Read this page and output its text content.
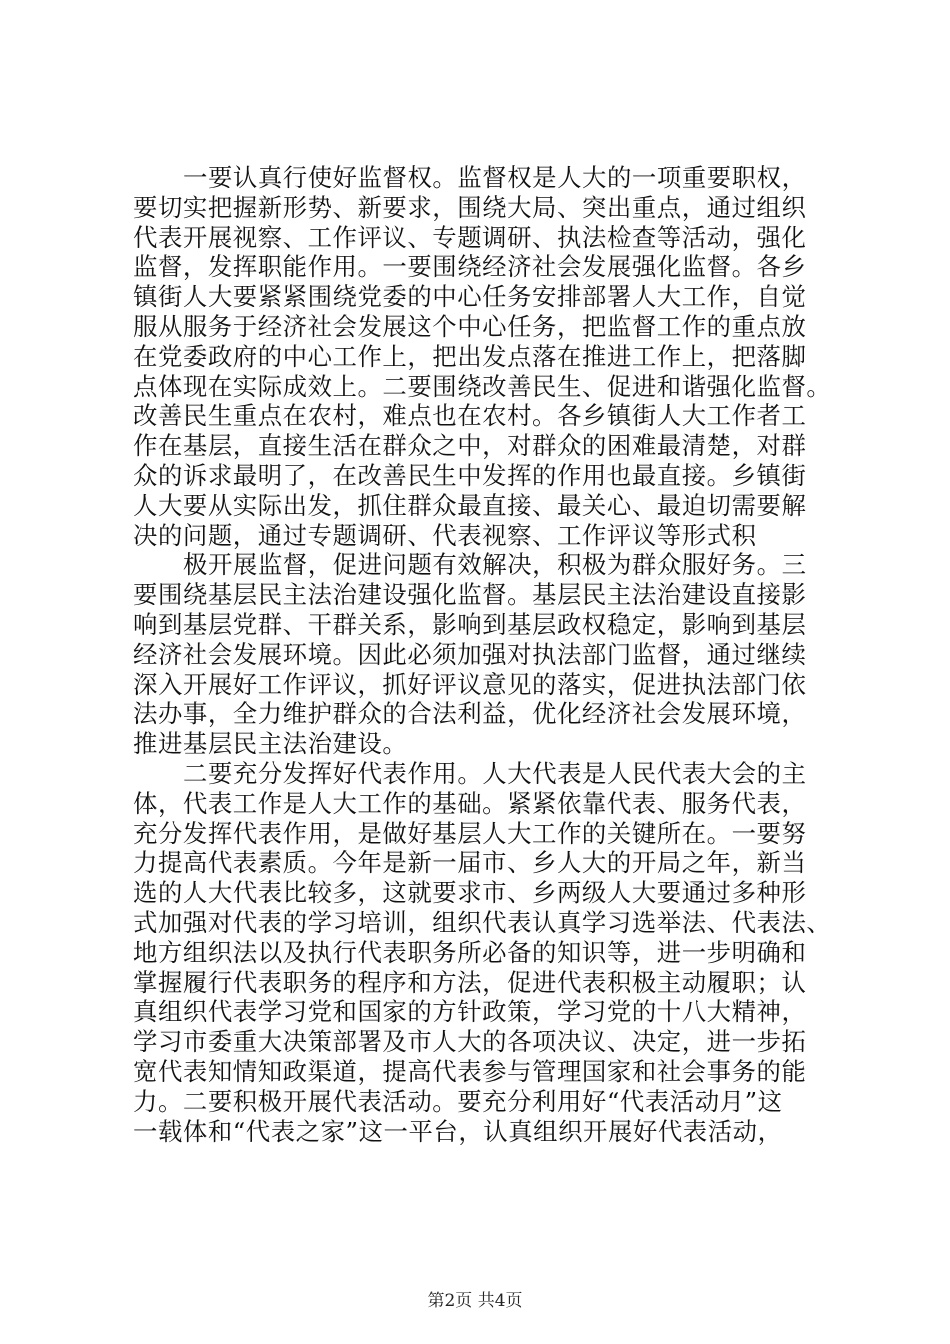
一要认真行使好监督权。监督权是人大的一项重要职权，
要切实把握新形势、新要求，围绕大局、突出重点，通过组织
代表开展视察、工作评议、专题调研、执法检查等活动，强化
监督，发挥职能作用。一要围绕经济社会发展强化监督。各乡
镇街人大要紧紧围绕党委的中心任务安排部署人大工作，自觉
服从服务于经济社会发展这个中心任务，把监督工作的重点放
在党委政府的中心工作上，把出发点落在推进工作上，把落脚
点体现在实际成效上。二要围绕改善民生、促进和谐强化监督。
改善民生重点在农村，难点也在农村。各乡镇街人大工作者工
作在基层，直接生活在群众之中，对群众的困难最清楚，对群
众的诉求最明了，在改善民生中发挥的作用也最直接。乡镇街
人大要从实际出发，抓住群众最直接、最关心、最迫切需要解
决的问题，通过专题调研、代表视察、工作评议等形式积
极开展监督，促进问题有效解决，积极为群众服好务。三
要围绕基层民主法治建设强化监督。基层民主法治建设直接影
响到基层党群、干群关系，影响到基层政权稳定，影响到基层
经济社会发展环境。因此必须加强对执法部门监督，通过继续
深入开展好工作评议，抓好评议意见的落实，促进执法部门依
法办事，全力维护群众的合法利益，优化经济社会发展环境，
推进基层民主法治建设。
二要充分发挥好代表作用。人大代表是人民代表大会的主
体，代表工作是人大工作的基础。紧紧依靠代表、服务代表，
充分发挥代表作用，是做好基层人大工作的关键所在。一要努
力提高代表素质。今年是新一届市、乡人大的开局之年，新当
选的人大代表比较多，这就要求市、乡两级人大要通过多种形
式加强对代表的学习培训，组织代表认真学习选举法、代表法、
地方组织法以及执行代表职务所必备的知识等，进一步明确和
掌握履行代表职务的程序和方法，促进代表积极主动履职；认
真组织代表学习党和国家的方针政策，学习党的十八大精神，
学习市委重大决策部署及市人大的各项决议、决定，进一步拓
宽代表知情知政渠道，提高代表参与管理国家和社会事务的能
力。二要积极开展代表活动。要充分利用好“代表活动月”这
一载体和“代表之家”这一平台，认真组织开展好代表活动，
第2页 共4页
